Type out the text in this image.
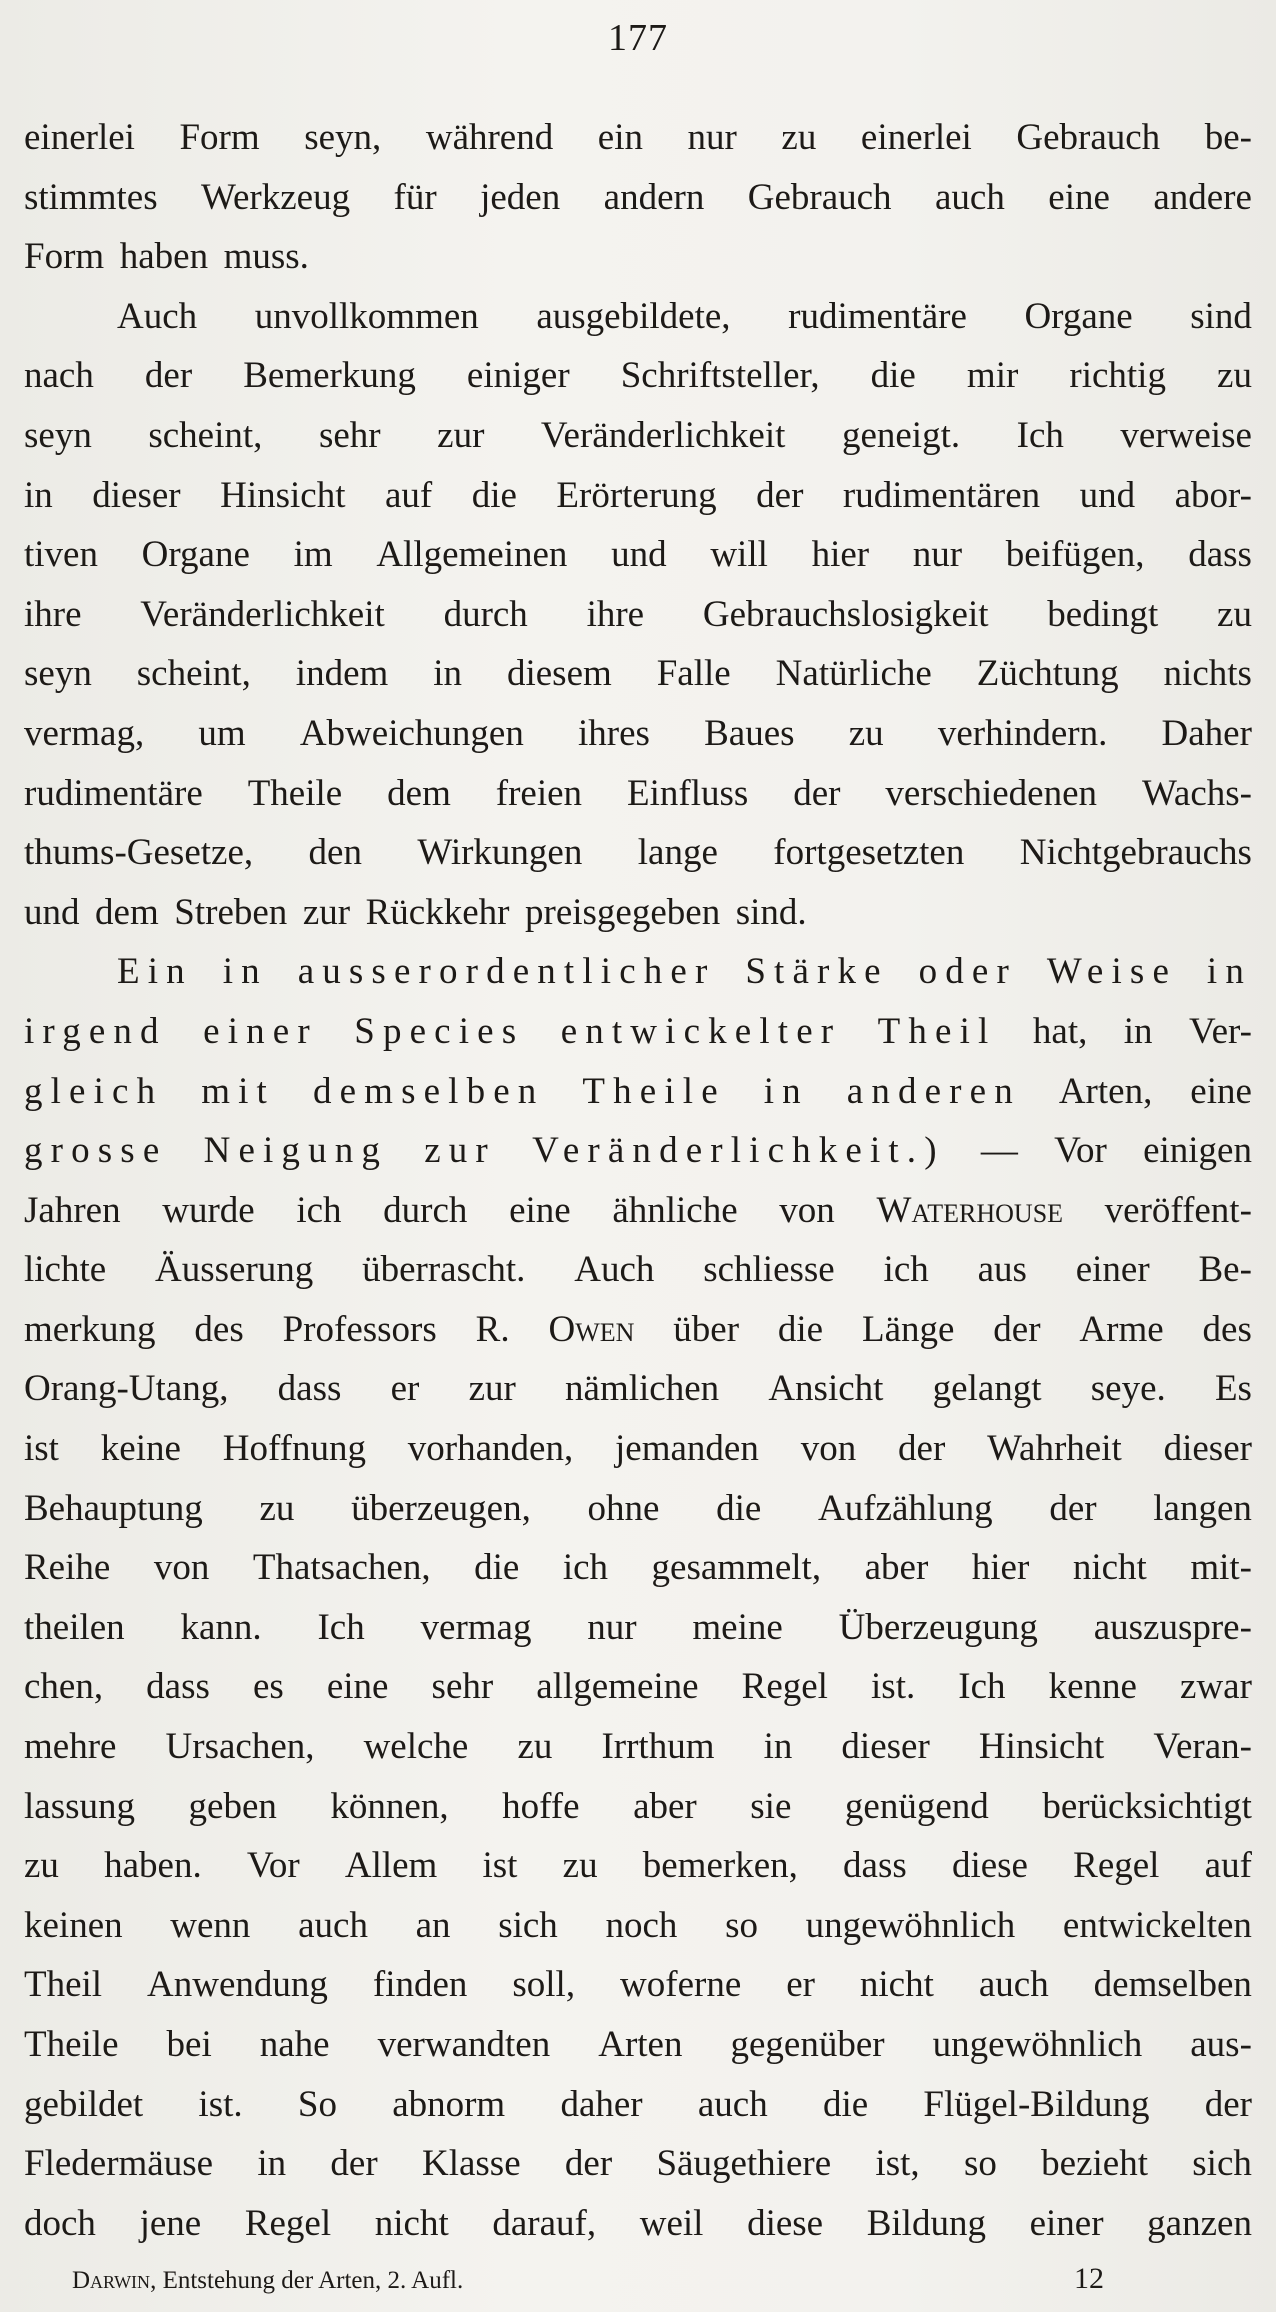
177
einerlei Form seyn, während ein nur zu einerlei Gebrauch be-
stimmtes Werkzeug für jeden andern Gebrauch auch eine andere
Form haben muss.
Auch unvollkommen ausgebildete, rudimentäre Organe sind
nach der Bemerkung einiger Schriftsteller, die mir richtig zu
seyn scheint, sehr zur Veränderlichkeit geneigt. Ich verweise
in dieser Hinsicht auf die Erörterung der rudimentären und abor-
tiven Organe im Allgemeinen und will hier nur beifügen, dass
ihre Veränderlichkeit durch ihre Gebrauchslosigkeit bedingt zu
seyn scheint, indem in diesem Falle Natürliche Züchtung nichts
vermag, um Abweichungen ihres Baues zu verhindern. Daher
rudimentäre Theile dem freien Einfluss der verschiedenen Wachs-
thums-Gesetze, den Wirkungen lange fortgesetzten Nichtgebrauchs
und dem Streben zur Rückkehr preisgegeben sind.
Ein in ausserordentlicher Stärke oder Weise in
irgend einer Species entwickelter Theil hat, in Ver-
gleich mit demselben Theile in anderen Arten, eine
grosse Neigung zur Veränderlichkeit.) — Vor einigen
Jahren wurde ich durch eine ähnliche von Waterhouse veröffent-
lichte Äusserung überrascht. Auch schliesse ich aus einer Be-
merkung des Professors R. Owen über die Länge der Arme des
Orang-Utang, dass er zur nämlichen Ansicht gelangt seye. Es
ist keine Hoffnung vorhanden, jemanden von der Wahrheit dieser
Behauptung zu überzeugen, ohne die Aufzählung der langen
Reihe von Thatsachen, die ich gesammelt, aber hier nicht mit-
theilen kann. Ich vermag nur meine Überzeugung auszuspre-
chen, dass es eine sehr allgemeine Regel ist. Ich kenne zwar
mehre Ursachen, welche zu Irrthum in dieser Hinsicht Veran-
lassung geben können, hoffe aber sie genügend berücksichtigt
zu haben. Vor Allem ist zu bemerken, dass diese Regel auf
keinen wenn auch an sich noch so ungewöhnlich entwickelten
Theil Anwendung finden soll, woferne er nicht auch demselben
Theile bei nahe verwandten Arten gegenüber ungewöhnlich aus-
gebildet ist. So abnorm daher auch die Flügel-Bildung der
Fledermäuse in der Klasse der Säugethiere ist, so bezieht sich
doch jene Regel nicht darauf, weil diese Bildung einer ganzen
Darwin, Entstehung der Arten, 2. Aufl.	12
